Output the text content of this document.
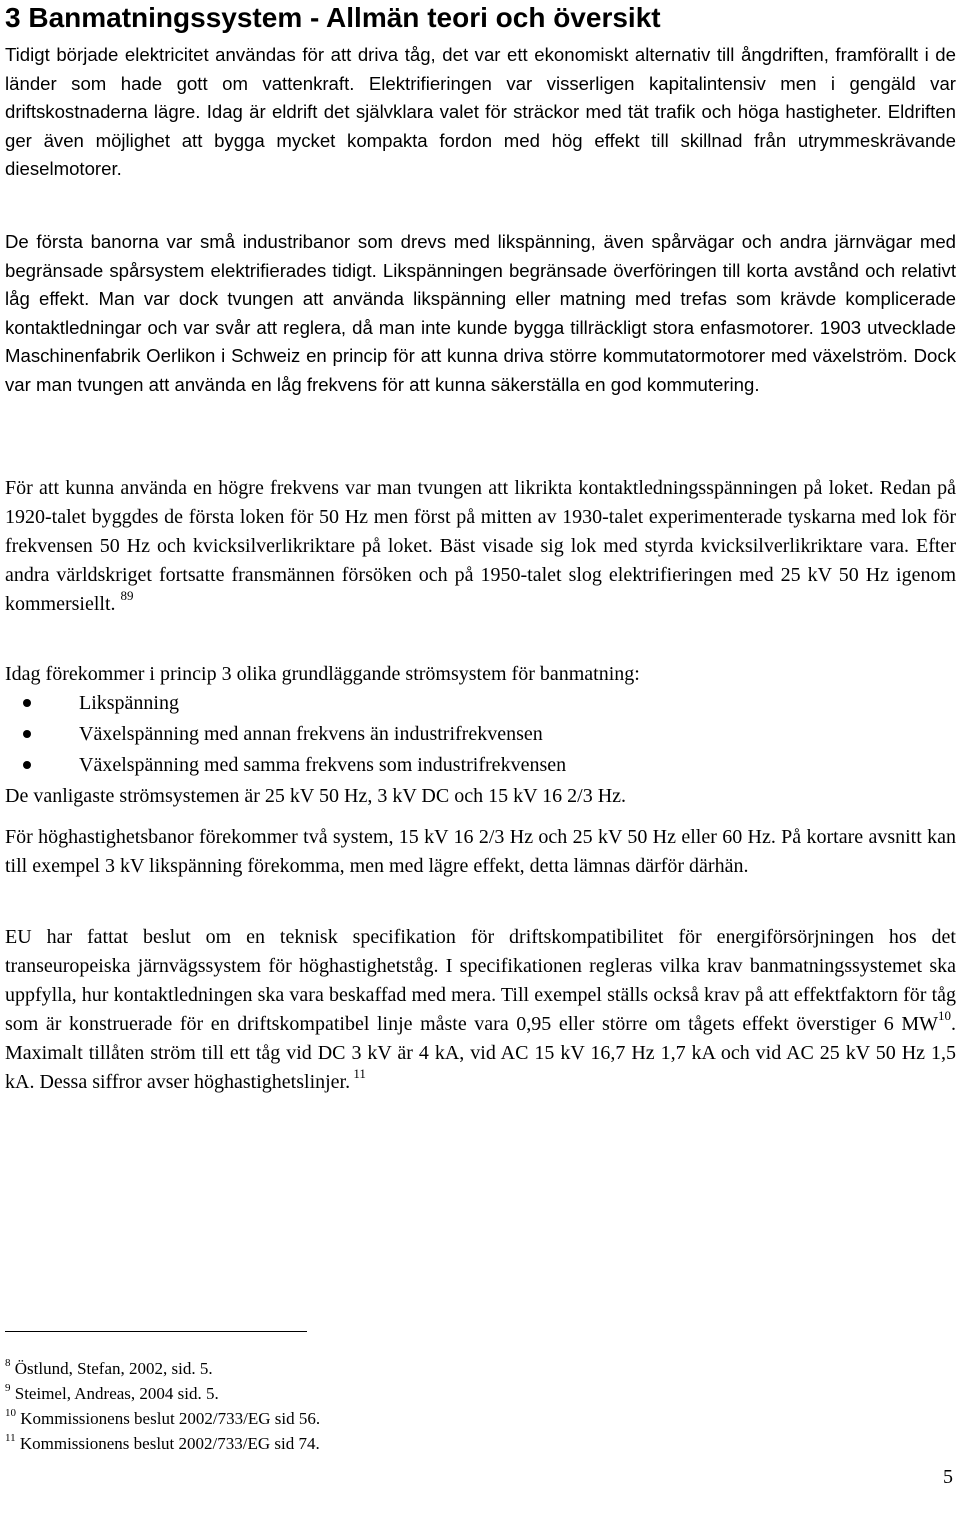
3 Banmatningssystem - Allmän teori och översikt

Tidigt började elektricitet användas för att driva tåg, det var ett ekonomiskt alternativ till ångdriften, framförallt i de länder som hade gott om vattenkraft. Elektrifieringen var visserligen kapitalintensiv men i gengäld var driftskostnaderna lägre. Idag är eldrift det självklara valet för sträckor med tät trafik och höga hastigheter. Eldriften ger även möjlighet att bygga mycket kompakta fordon med hög effekt till skillnad från utrymmeskrävande dieselmotorer.

De första banorna var små industribanor som drevs med likspänning, även spårvägar och andra järnvägar med begränsade spårsystem elektrifierades tidigt. Likspänningen begränsade överföringen till korta avstånd och relativt låg effekt. Man var dock tvungen att använda likspänning eller matning med trefas som krävde komplicerade kontaktledningar och var svår att reglera, då man inte kunde bygga tillräckligt stora enfasmotorer. 1903 utvecklade Maschinenfabrik Oerlikon i Schweiz en princip för att kunna driva större kommutatormotorer med växelström. Dock var man tvungen att använda en låg frekvens för att kunna säkerställa en god kommutering.

För att kunna använda en högre frekvens var man tvungen att likrikta kontaktledningsspänningen på loket. Redan på 1920-talet byggdes de första loken för 50 Hz men först på mitten av 1930-talet experimenterade tyskarna med lok för frekvensen 50 Hz och kvicksilverlikriktare på loket. Bäst visade sig lok med styrda kvicksilverlikriktare vara. Efter andra världskriget fortsatte fransmännen försöken och på 1950-talet slog elektrifieringen med 25 kV 50 Hz igenom kommersiellt. $^{89}$

Idag förekommer i princip 3 olika grundläggande strömsystem för banmatning:

Likspänning
Växelspänning med annan frekvens än industrifrekvensen
Växelspänning med samma frekvens som industrifrekvensen

De vanligaste strömsystemen är 25 kV 50 Hz, 3 kV DC och 15 kV 16 2/3 Hz.

För höghastighetsbanor förekommer två system, 15 kV 16 2/3 Hz och 25 kV 50 Hz eller 60 Hz. På kortare avsnitt kan till exempel 3 kV likspänning förekomma, men med lägre effekt, detta lämnas därför därhän.

EU har fattat beslut om en teknisk specifikation för driftskompatibilitet för energiförsörjningen hos det transeuropeiska järnvägssystem för höghastighetståg. I specifikationen regleras vilka krav banmatningssystemet ska uppfylla, hur kontaktledningen ska vara beskaffad med mera. Till exempel ställs också krav på att effektfaktorn för tåg som är konstruerade för en driftskompatibel linje måste vara 0,95 eller större om tågets effekt överstiger 6 MW$^{10}$. Maximalt tillåten ström till ett tåg vid DC 3 kV är 4 kA, vid AC 15 kV 16,7 Hz 1,7 kA och vid AC 25 kV 50 Hz 1,5 kA. Dessa siffror avser höghastighetslinjer. $^{11}$

$^8$ Östlund, Stefan, 2002, sid. 5.
$^9$ Steimel, Andreas, 2004 sid. 5.
$^{10}$ Kommissionens beslut 2002/733/EG sid 56.
$^{11}$ Kommissionens beslut 2002/733/EG sid 74.
5
